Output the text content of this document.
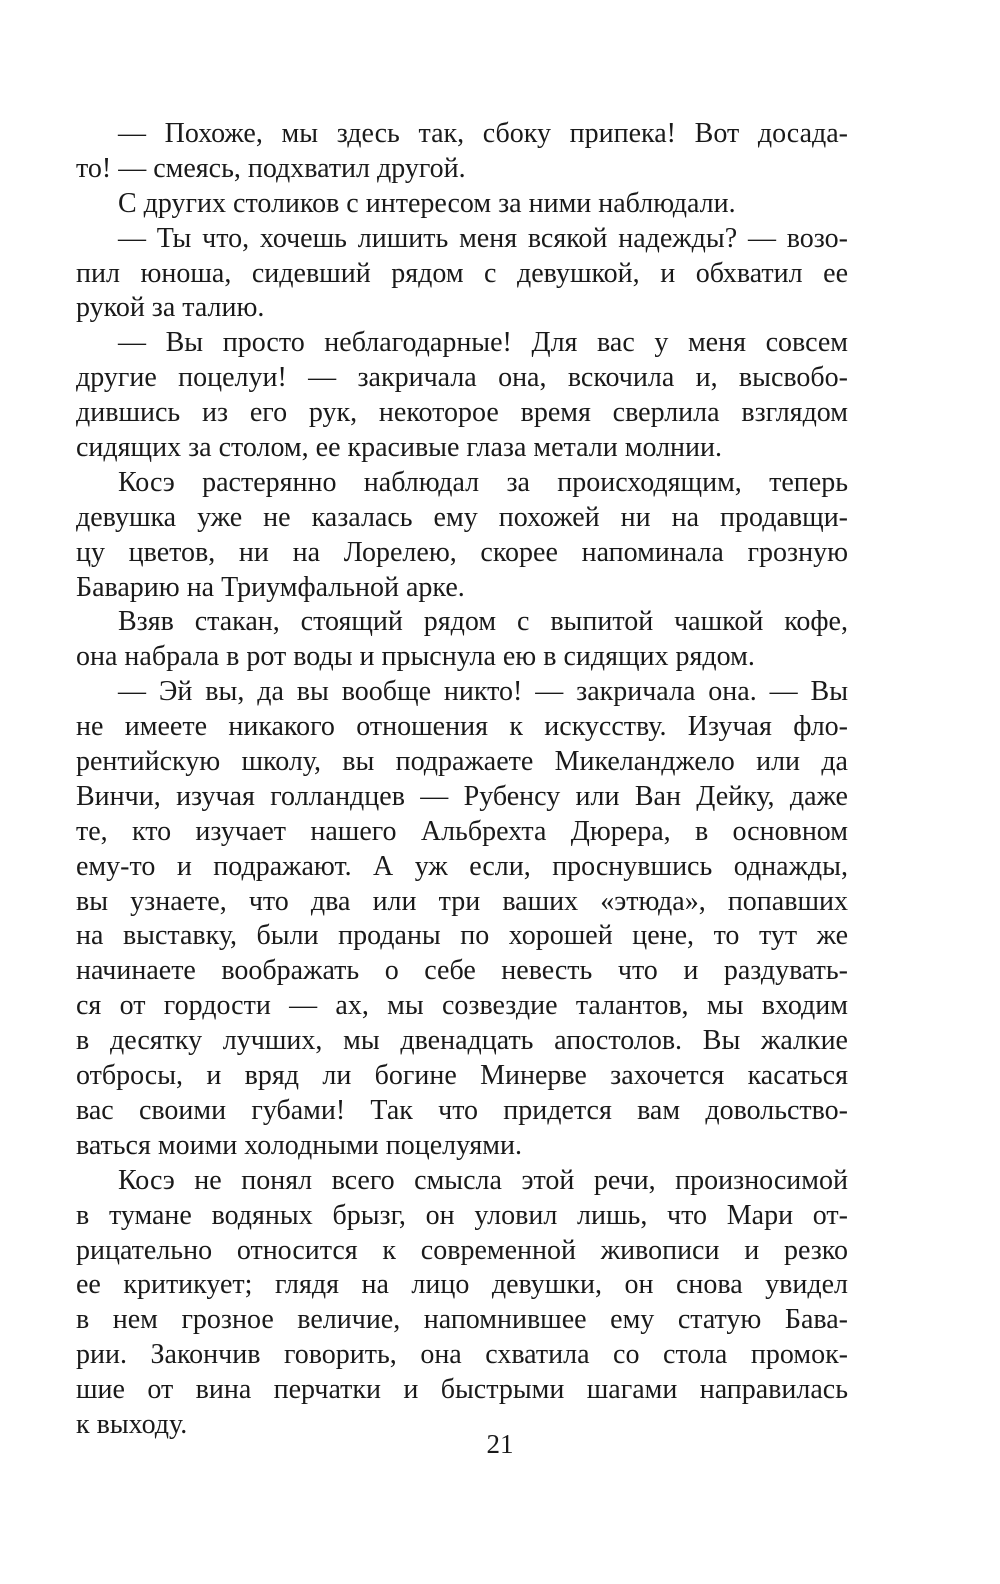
— Похоже, мы здесь так, сбоку припека! Вот досада-
то! — смеясь, подхватил другой.

С других столиков с интересом за ними наблюдали.

— Ты что, хочешь лишить меня всякой надежды? — возо-
пил юноша, сидевший рядом с девушкой, и обхватил ее
рукой за талию.

— Вы просто неблагодарные! Для вас у меня совсем
другие поцелуи! — закричала она, вскочила и, высвобо-
дившись из его рук, некоторое время сверлила взглядом
сидящих за столом, ее красивые глаза метали молнии.

Косэ растерянно наблюдал за происходящим, теперь
девушка уже не казалась ему похожей ни на продавщи-
цу цветов, ни на Лорелею, скорее напоминала грозную
Баварию на Триумфальной арке.

Взяв стакан, стоящий рядом с выпитой чашкой кофе,
она набрала в рот воды и прыснула ею в сидящих рядом.

— Эй вы, да вы вообще никто! — закричала она. — Вы
не имеете никакого отношения к искусству. Изучая фло-
рентийскую школу, вы подражаете Микеланджело или да
Винчи, изучая голландцев — Рубенсу или Ван Дейку, даже
те, кто изучает нашего Альбрехта Дюрера, в основном
ему-то и подражают. А уж если, проснувшись однажды,
вы узнаете, что два или три ваших «этюда», попавших
на выставку, были проданы по хорошей цене, то тут же
начинаете воображать о себе невесть что и раздувать-
ся от гордости — ах, мы созвездие талантов, мы входим
в десятку лучших, мы двенадцать апостолов. Вы жалкие
отбросы, и вряд ли богине Минерве захочется касаться
вас своими губами! Так что придется вам довольство-
ваться моими холодными поцелуями.

Косэ не понял всего смысла этой речи, произносимой
в тумане водяных брызг, он уловил лишь, что Мари от-
рицательно относится к современной живописи и резко
ее критикует; глядя на лицо девушки, он снова увидел
в нем грозное величие, напомнившее ему статую Бава-
рии. Закончив говорить, она схватила со стола промок-
шие от вина перчатки и быстрыми шагами направилась
к выходу.

21
